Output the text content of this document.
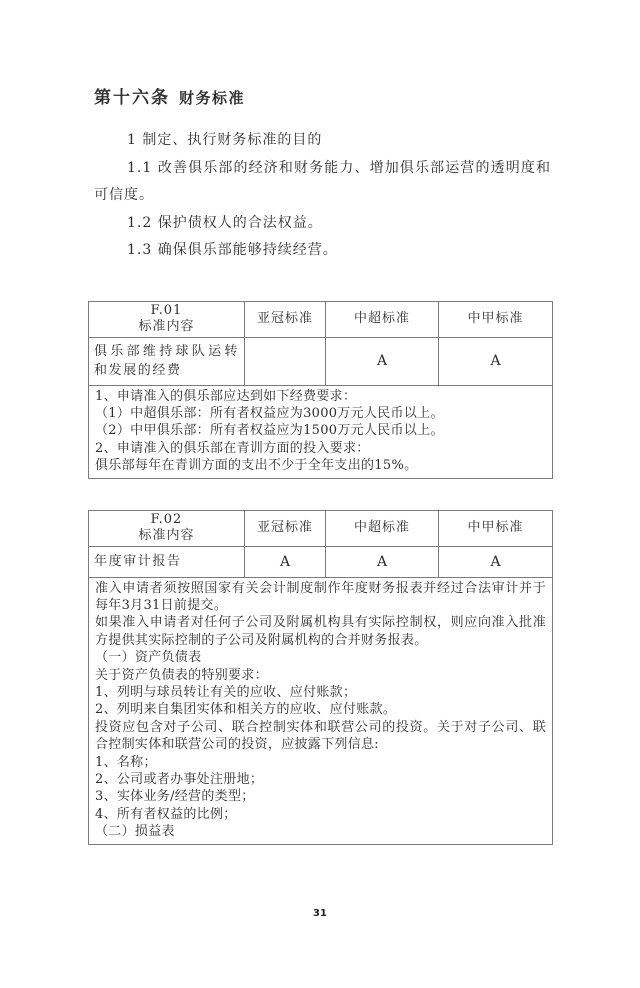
第十六条 财务标准

1 制定、执行财务标准的目的

1.1 改善俱乐部的经济和财务能力、增加俱乐部运营的透明度和可信度。

1.2 保护债权人的合法权益。

1.3 确保俱乐部能够持续经营。

F.01
标准内容	亚冠标准	中超标准	中甲标准
俱乐部维持球队运转和发展的经费		A	A

1、申请准入的俱乐部应达到如下经费要求：

（1）中超俱乐部：所有者权益应为3000万元人民币以上。

（2）中甲俱乐部：所有者权益应为1500万元人民币以上。

2、申请准入的俱乐部在青训方面的投入要求：

俱乐部每年在青训方面的支出不少于全年支出的15%。			

F.02
标准内容	亚冠标准	中超标准	中甲标准
年度审计报告	A	A	A

准入申请者须按照国家有关会计制度制作年度财务报表并经过合法审计并于每年3月31日前提交。

如果准入申请者对任何子公司及附属机构具有实际控制权，则应向准入批准方提供其实际控制的子公司及附属机构的合并财务报表。

（一）资产负债表

关于资产负债表的特别要求：

1、列明与球员转让有关的应收、应付账款；

2、列明来自集团实体和相关方的应收、应付账款。

投资应包含对子公司、联合控制实体和联营公司的投资。关于对子公司、联合控制实体和联营公司的投资，应披露下列信息:

1、名称；

2、公司或者办事处注册地；

3、实体业务/经营的类型；

4、所有者权益的比例；

（二）损益表

31
